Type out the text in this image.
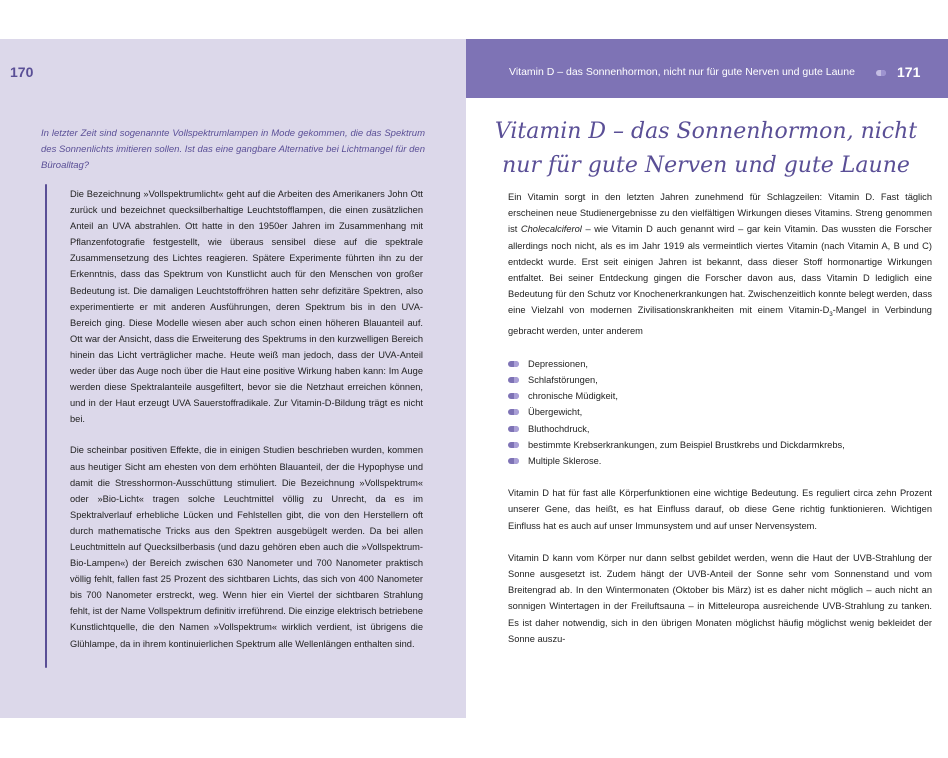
170

In letzter Zeit sind sogenannte Vollspektrumlampen in Mode gekommen, die das Spektrum des Sonnenlichts imitieren sollen. Ist das eine gangbare Alternative bei Lichtmangel für den Büroalltag?

Die Bezeichnung »Vollspektrumlicht« geht auf die Arbeiten des Amerikaners John Ott zurück und bezeichnet quecksilberhaltige Leuchtstofflampen, die einen zusätzlichen Anteil an UVA abstrahlen. Ott hatte in den 1950er Jahren im Zusammenhang mit Pflanzenfotografie festgestellt, wie überaus sensibel diese auf die spektrale Zusammensetzung des Lichtes reagieren. Spätere Experimente führten ihn zu der Erkenntnis, dass das Spektrum von Kunstlicht auch für den Menschen von großer Bedeutung ist. Die damaligen Leuchtstoffröhren hatten sehr defizitäre Spektren, also experimentierte er mit anderen Ausführungen, deren Spektrum bis in den UVA-Bereich ging. Diese Modelle wiesen aber auch schon einen höheren Blauanteil auf. Ott war der Ansicht, dass die Erweiterung des Spektrums in den kurzwelligen Bereich hinein das Licht verträglicher mache. Heute weiß man jedoch, dass der UVA-Anteil weder über das Auge noch über die Haut eine positive Wirkung haben kann: Im Auge werden diese Spektralanteile ausgefiltert, bevor sie die Netzhaut erreichen können, und in der Haut erzeugt UVA Sauerstoffradikale. Zur Vitamin-D-Bildung trägt es nicht bei.

Die scheinbar positiven Effekte, die in einigen Studien beschrieben wurden, kommen aus heutiger Sicht am ehesten von dem erhöhten Blauanteil, der die Hypophyse und damit die Stresshormon-Ausschüttung stimuliert. Die Bezeichnung »Vollspektrum« oder »Bio-Licht« tragen solche Leuchtmittel völlig zu Unrecht, da es im Spektralverlauf erhebliche Lücken und Fehlstellen gibt, die von den Herstellern oft durch mathematische Tricks aus den Spektren ausgebügelt werden. Da bei allen Leuchtmitteln auf Quecksilberbasis (und dazu gehören eben auch die »Vollspektrum-Bio-Lampen«) der Bereich zwischen 630 Nanometer und 700 Nanometer praktisch völlig fehlt, fallen fast 25 Prozent des sichtbaren Lichts, das sich von 400 Nanometer bis 700 Nanometer erstreckt, weg. Wenn hier ein Viertel der sichtbaren Strahlung fehlt, ist der Name Vollspektrum definitiv irreführend. Die einzige elektrisch betriebene Kunstlichtquelle, die den Namen »Vollspektrum« wirklich verdient, ist übrigens die Glühlampe, da in ihrem kontinuierlichen Spektrum alle Wellenlängen enthalten sind.

Vitamin D – das Sonnenhormon, nicht nur für gute Nerven und gute Laune	171
Vitamin D – das Sonnenhormon, nicht
nur für gute Nerven und gute Laune

Ein Vitamin sorgt in den letzten Jahren zunehmend für Schlagzeilen: Vitamin D. Fast täglich erscheinen neue Studienergebnisse zu den vielfältigen Wirkungen dieses Vitamins. Streng genommen ist Cholecalciferol – wie Vitamin D auch genannt wird – gar kein Vitamin. Das wussten die Forscher allerdings noch nicht, als es im Jahr 1919 als vermeintlich viertes Vitamin (nach Vitamin A, B und C) entdeckt wurde. Erst seit einigen Jahren ist bekannt, dass dieser Stoff hormonartige Wirkungen entfaltet. Bei seiner Entdeckung gingen die Forscher davon aus, dass Vitamin D lediglich eine Bedeutung für den Schutz vor Knochenerkrankungen hat. Zwischenzeitlich konnte belegt werden, dass eine Vielzahl von modernen Zivilisationskrankheiten mit einem Vitamin-$D_3$-Mangel in Verbindung gebracht werden, unter anderem

Depressionen,
Schlafstörungen,
chronische Müdigkeit,
Übergewicht,
Bluthochdruck,
bestimmte Krebserkrankungen, zum Beispiel Brustkrebs und Dickdarmkrebs,
Multiple Sklerose.

Vitamin D hat für fast alle Körperfunktionen eine wichtige Bedeutung. Es reguliert circa zehn Prozent unserer Gene, das heißt, es hat Einfluss darauf, ob diese Gene richtig funktionieren. Wichtigen Einfluss hat es auch auf unser Immunsystem und auf unser Nervensystem.

Vitamin D kann vom Körper nur dann selbst gebildet werden, wenn die Haut der UVB-Strahlung der Sonne ausgesetzt ist. Zudem hängt der UVB-Anteil der Sonne sehr vom Sonnenstand und vom Breitengrad ab. In den Wintermonaten (Oktober bis März) ist es daher nicht möglich – auch nicht an sonnigen Wintertagen in der Freiluftsauna – in Mitteleuropa ausreichende UVB-Strahlung zu tanken. Es ist daher notwendig, sich in den übrigen Monaten möglichst häufig möglichst wenig bekleidet der Sonne auszu-
